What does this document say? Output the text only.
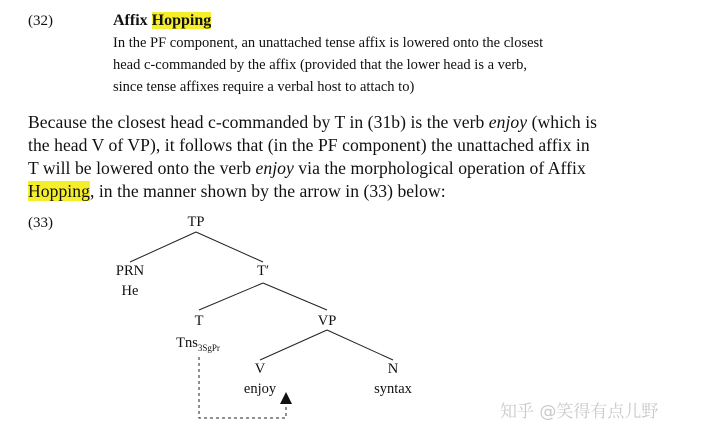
(32)	Affix Hopping
In the PF component, an unattached tense affix is lowered onto the closest
head c-commanded by the affix (provided that the lower head is a verb,
since tense affixes require a verbal host to attach to)
Because the closest head c-commanded by T in (31b) is the verb enjoy (which is
the head V of VP), it follows that (in the PF component) the unattached affix in
T will be lowered onto the verb enjoy via the morphological operation of Affix
Hopping, in the manner shown by the arrow in (33) below:
(33)	TP
PRN
He
T′
T
Tns$_{3SgPr}$
VP
V
enjoy
N
syntax
知乎 @笑得有点儿野
